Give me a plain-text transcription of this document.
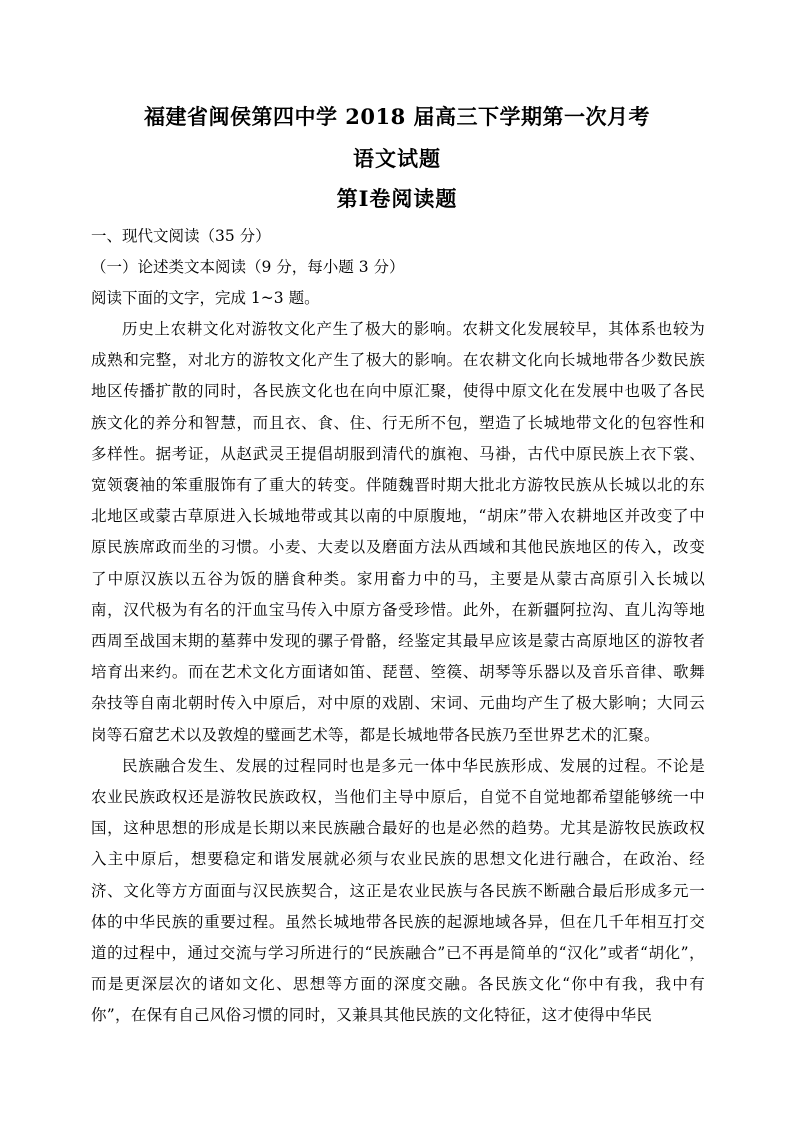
福建省闽侯第四中学 2018 届高三下学期第一次月考
语文试题
第Ⅰ卷阅读题
一、现代文阅读（35 分）
（一）论述类文本阅读（9 分，每小题 3 分）
阅读下面的文字，完成 1~3 题。

历史上农耕文化对游牧文化产生了极大的影响。农耕文化发展较早，其体系也较为成熟和完整，对北方的游牧文化产生了极大的影响。在农耕文化向长城地带各少数民族地区传播扩散的同时，各民族文化也在向中原汇聚，使得中原文化在发展中也吸了各民族文化的养分和智慧，而且衣、食、住、行无所不包，塑造了长城地带文化的包容性和多样性。据考证，从赵武灵王提倡胡服到清代的旗袍、马褂，古代中原民族上衣下裳、宽领褒袖的笨重服饰有了重大的转变。伴随魏晋时期大批北方游牧民族从长城以北的东北地区或蒙古草原进入长城地带或其以南的中原腹地，“胡床”带入农耕地区并改变了中原民族席政而坐的习惯。小麦、大麦以及磨面方法从西域和其他民族地区的传入，改变了中原汉族以五谷为饭的膳食种类。家用畜力中的马，主要是从蒙古高原引入长城以南，汉代极为有名的汗血宝马传入中原方备受珍惜。此外，在新疆阿拉沟、直儿沟等地西周至战国末期的墓葬中发现的骡子骨骼，经鉴定其最早应该是蒙古高原地区的游牧者培育出来约。而在艺术文化方面诸如笛、琵琶、箜篌、胡琴等乐器以及音乐音律、歌舞杂技等自南北朝时传入中原后，对中原的戏剧、宋词、元曲均产生了极大影响；大同云岗等石窟艺术以及敦煌的璧画艺术等，都是长城地带各民族乃至世界艺术的汇聚。

民族融合发生、发展的过程同时也是多元一体中华民族形成、发展的过程。不论是农业民族政权还是游牧民族政权，当他们主导中原后，自觉不自觉地都希望能够统一中国，这种思想的形成是长期以来民族融合最好的也是必然的趋势。尤其是游牧民族政权入主中原后，想要稳定和谐发展就必须与农业民族的思想文化进行融合，在政治、经济、文化等方方面面与汉民族契合，这正是农业民族与各民族不断融合最后形成多元一体的中华民族的重要过程。虽然长城地带各民族的起源地域各异，但在几千年相互打交道的过程中，通过交流与学习所进行的“民族融合”已不再是简单的“汉化”或者“胡化”，而是更深层次的诸如文化、思想等方面的深度交融。各民族文化“你中有我，我中有你”，在保有自己风俗习惯的同时，又兼具其他民族的文化特征，这才使得中华民
